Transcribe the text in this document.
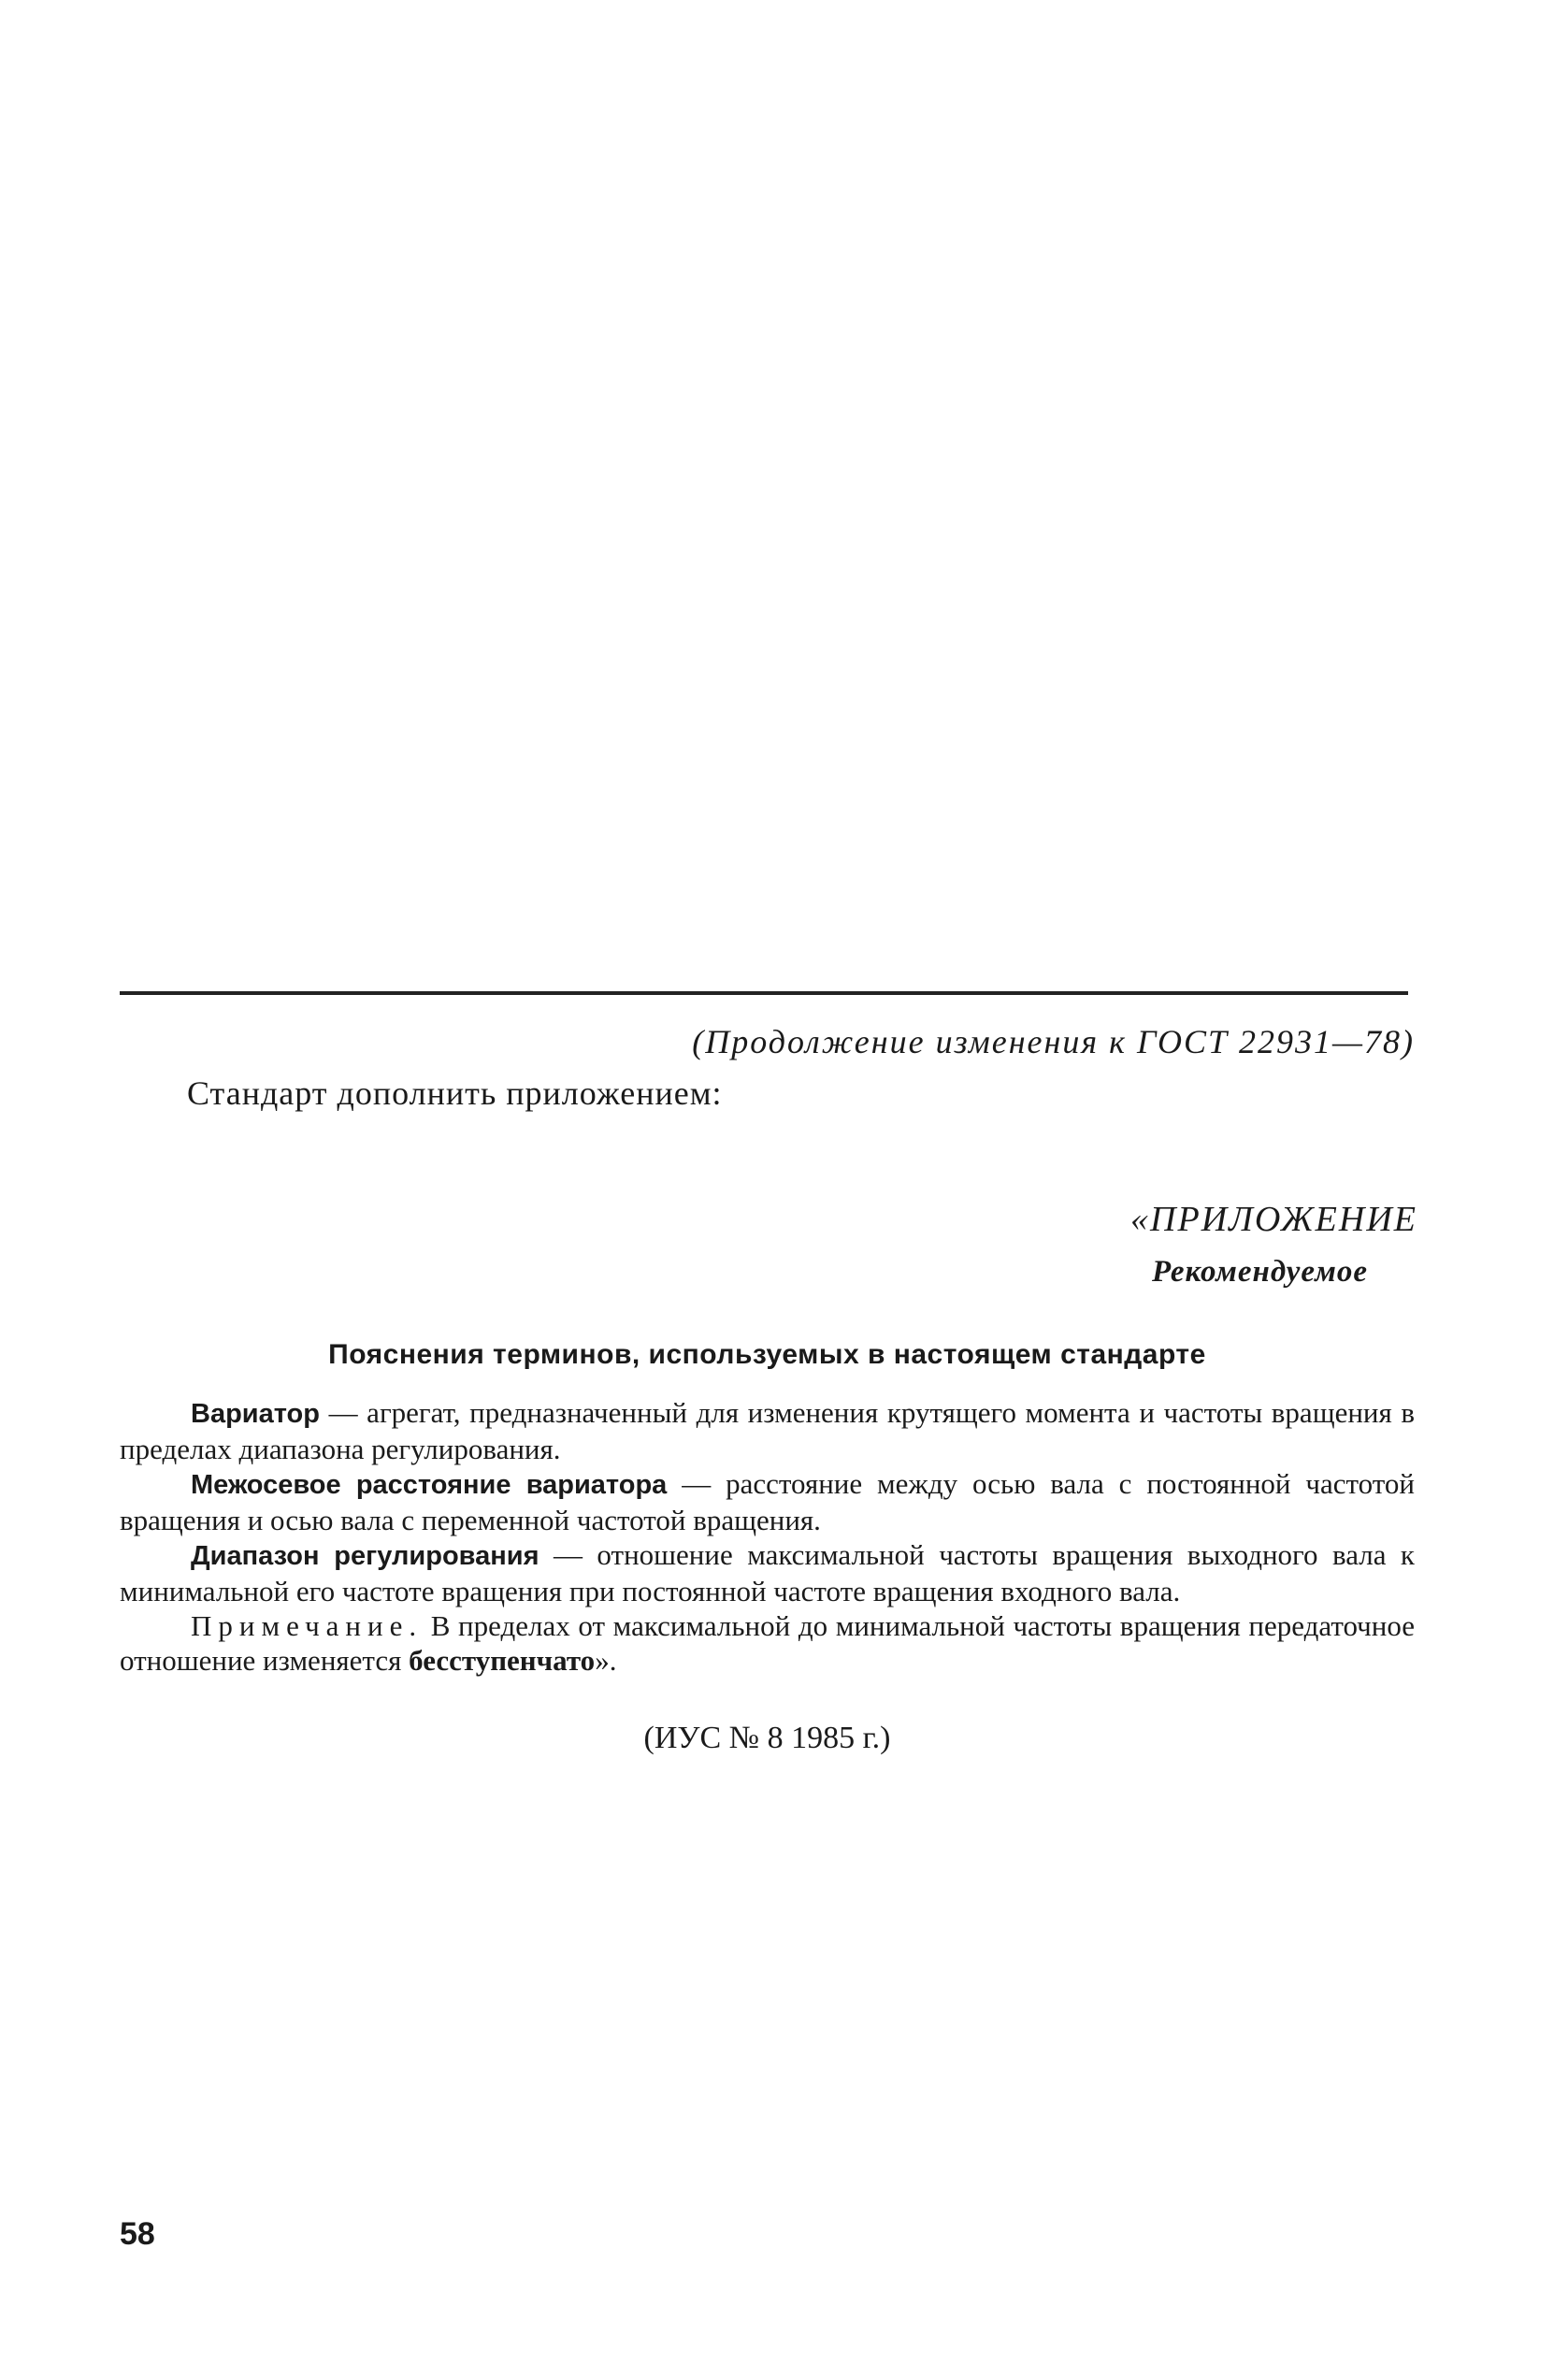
(Продолжение изменения к ГОСТ 22931—78)
Стандарт дополнить приложением:
«ПРИЛОЖЕНИЕ
Рекомендуемое
Пояснения терминов, используемых в настоящем стандарте

Вариатор — агрегат, предназначенный для изменения крутящего момента и частоты вращения в пределах диапазона регулирования.

Межосевое расстояние вариатора — расстояние между осью вала с постоянной частотой вращения и осью вала с переменной частотой вращения.

Диапазон регулирования — отношение максимальной частоты вращения выходного вала к минимальной его частоте вращения при постоянной частоте вращения входного вала.

Примечание. В пределах от максимальной до минимальной частоты вращения передаточное отношение изменяется бесступенчато».

(ИУС № 8 1985 г.)
58
